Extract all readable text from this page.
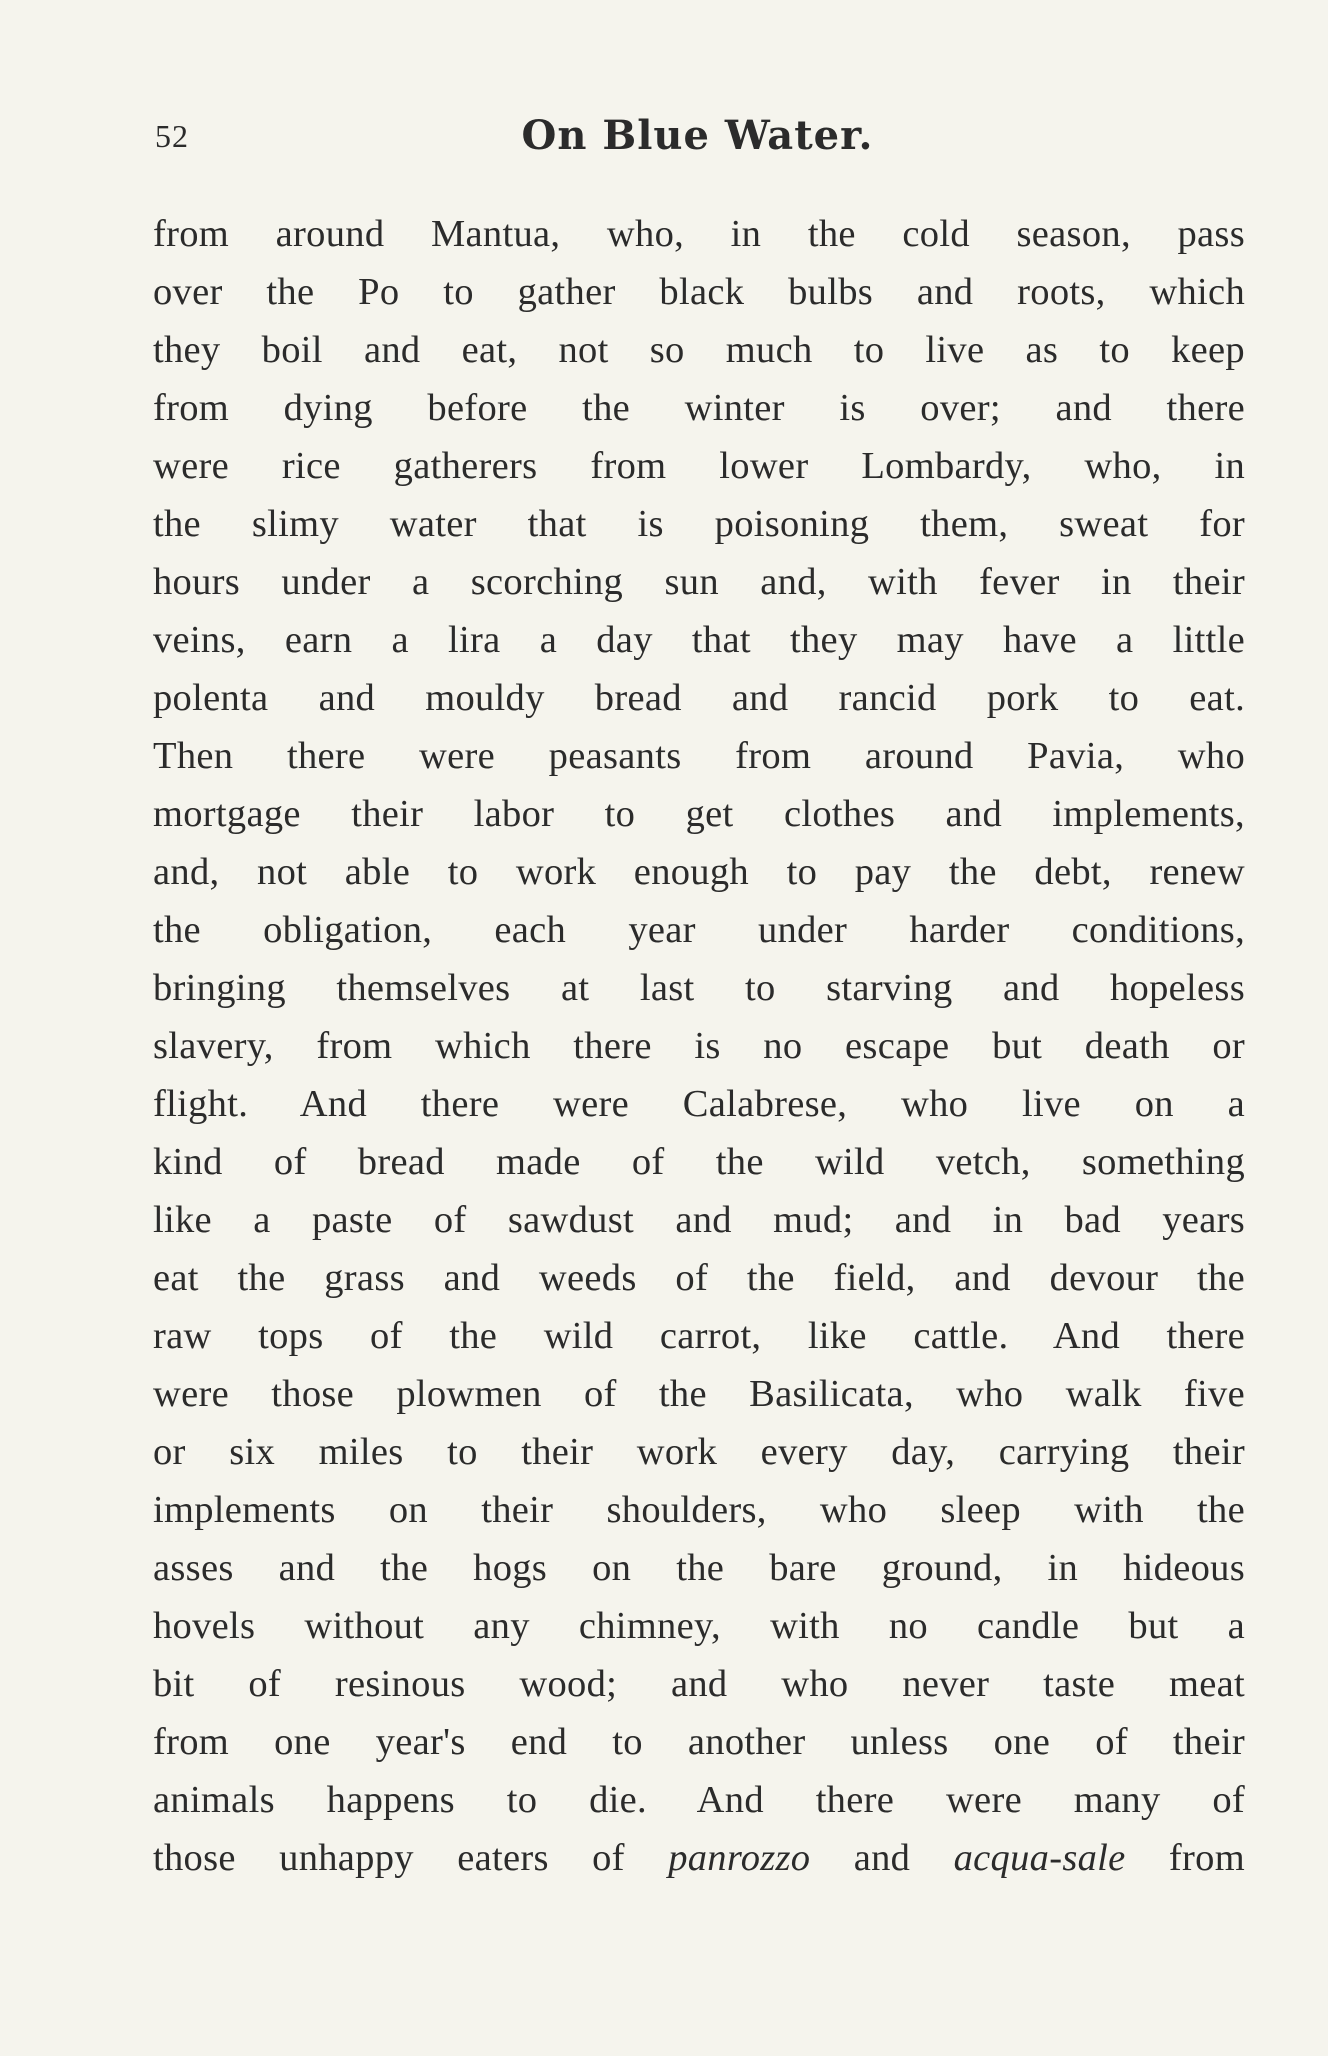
52	On Blue Water.
from around Mantua, who, in the cold season, pass
over the Po to gather black bulbs and roots, which
they boil and eat, not so much to live as to keep
from dying before the winter is over; and there
were rice gatherers from lower Lombardy, who, in
the slimy water that is poisoning them, sweat for
hours under a scorching sun and, with fever in their
veins, earn a lira a day that they may have a little
polenta and mouldy bread and rancid pork to eat.
Then there were peasants from around Pavia, who
mortgage their labor to get clothes and implements,
and, not able to work enough to pay the debt, renew
the obligation, each year under harder conditions,
bringing themselves at last to starving and hopeless
slavery, from which there is no escape but death or
flight. And there were Calabrese, who live on a
kind of bread made of the wild vetch, something
like a paste of sawdust and mud; and in bad years
eat the grass and weeds of the field, and devour the
raw tops of the wild carrot, like cattle. And there
were those plowmen of the Basilicata, who walk five
or six miles to their work every day, carrying their
implements on their shoulders, who sleep with the
asses and the hogs on the bare ground, in hideous
hovels without any chimney, with no candle but a
bit of resinous wood; and who never taste meat
from one year's end to another unless one of their
animals happens to die. And there were many of
those unhappy eaters of panrozzo and acqua-sale from
